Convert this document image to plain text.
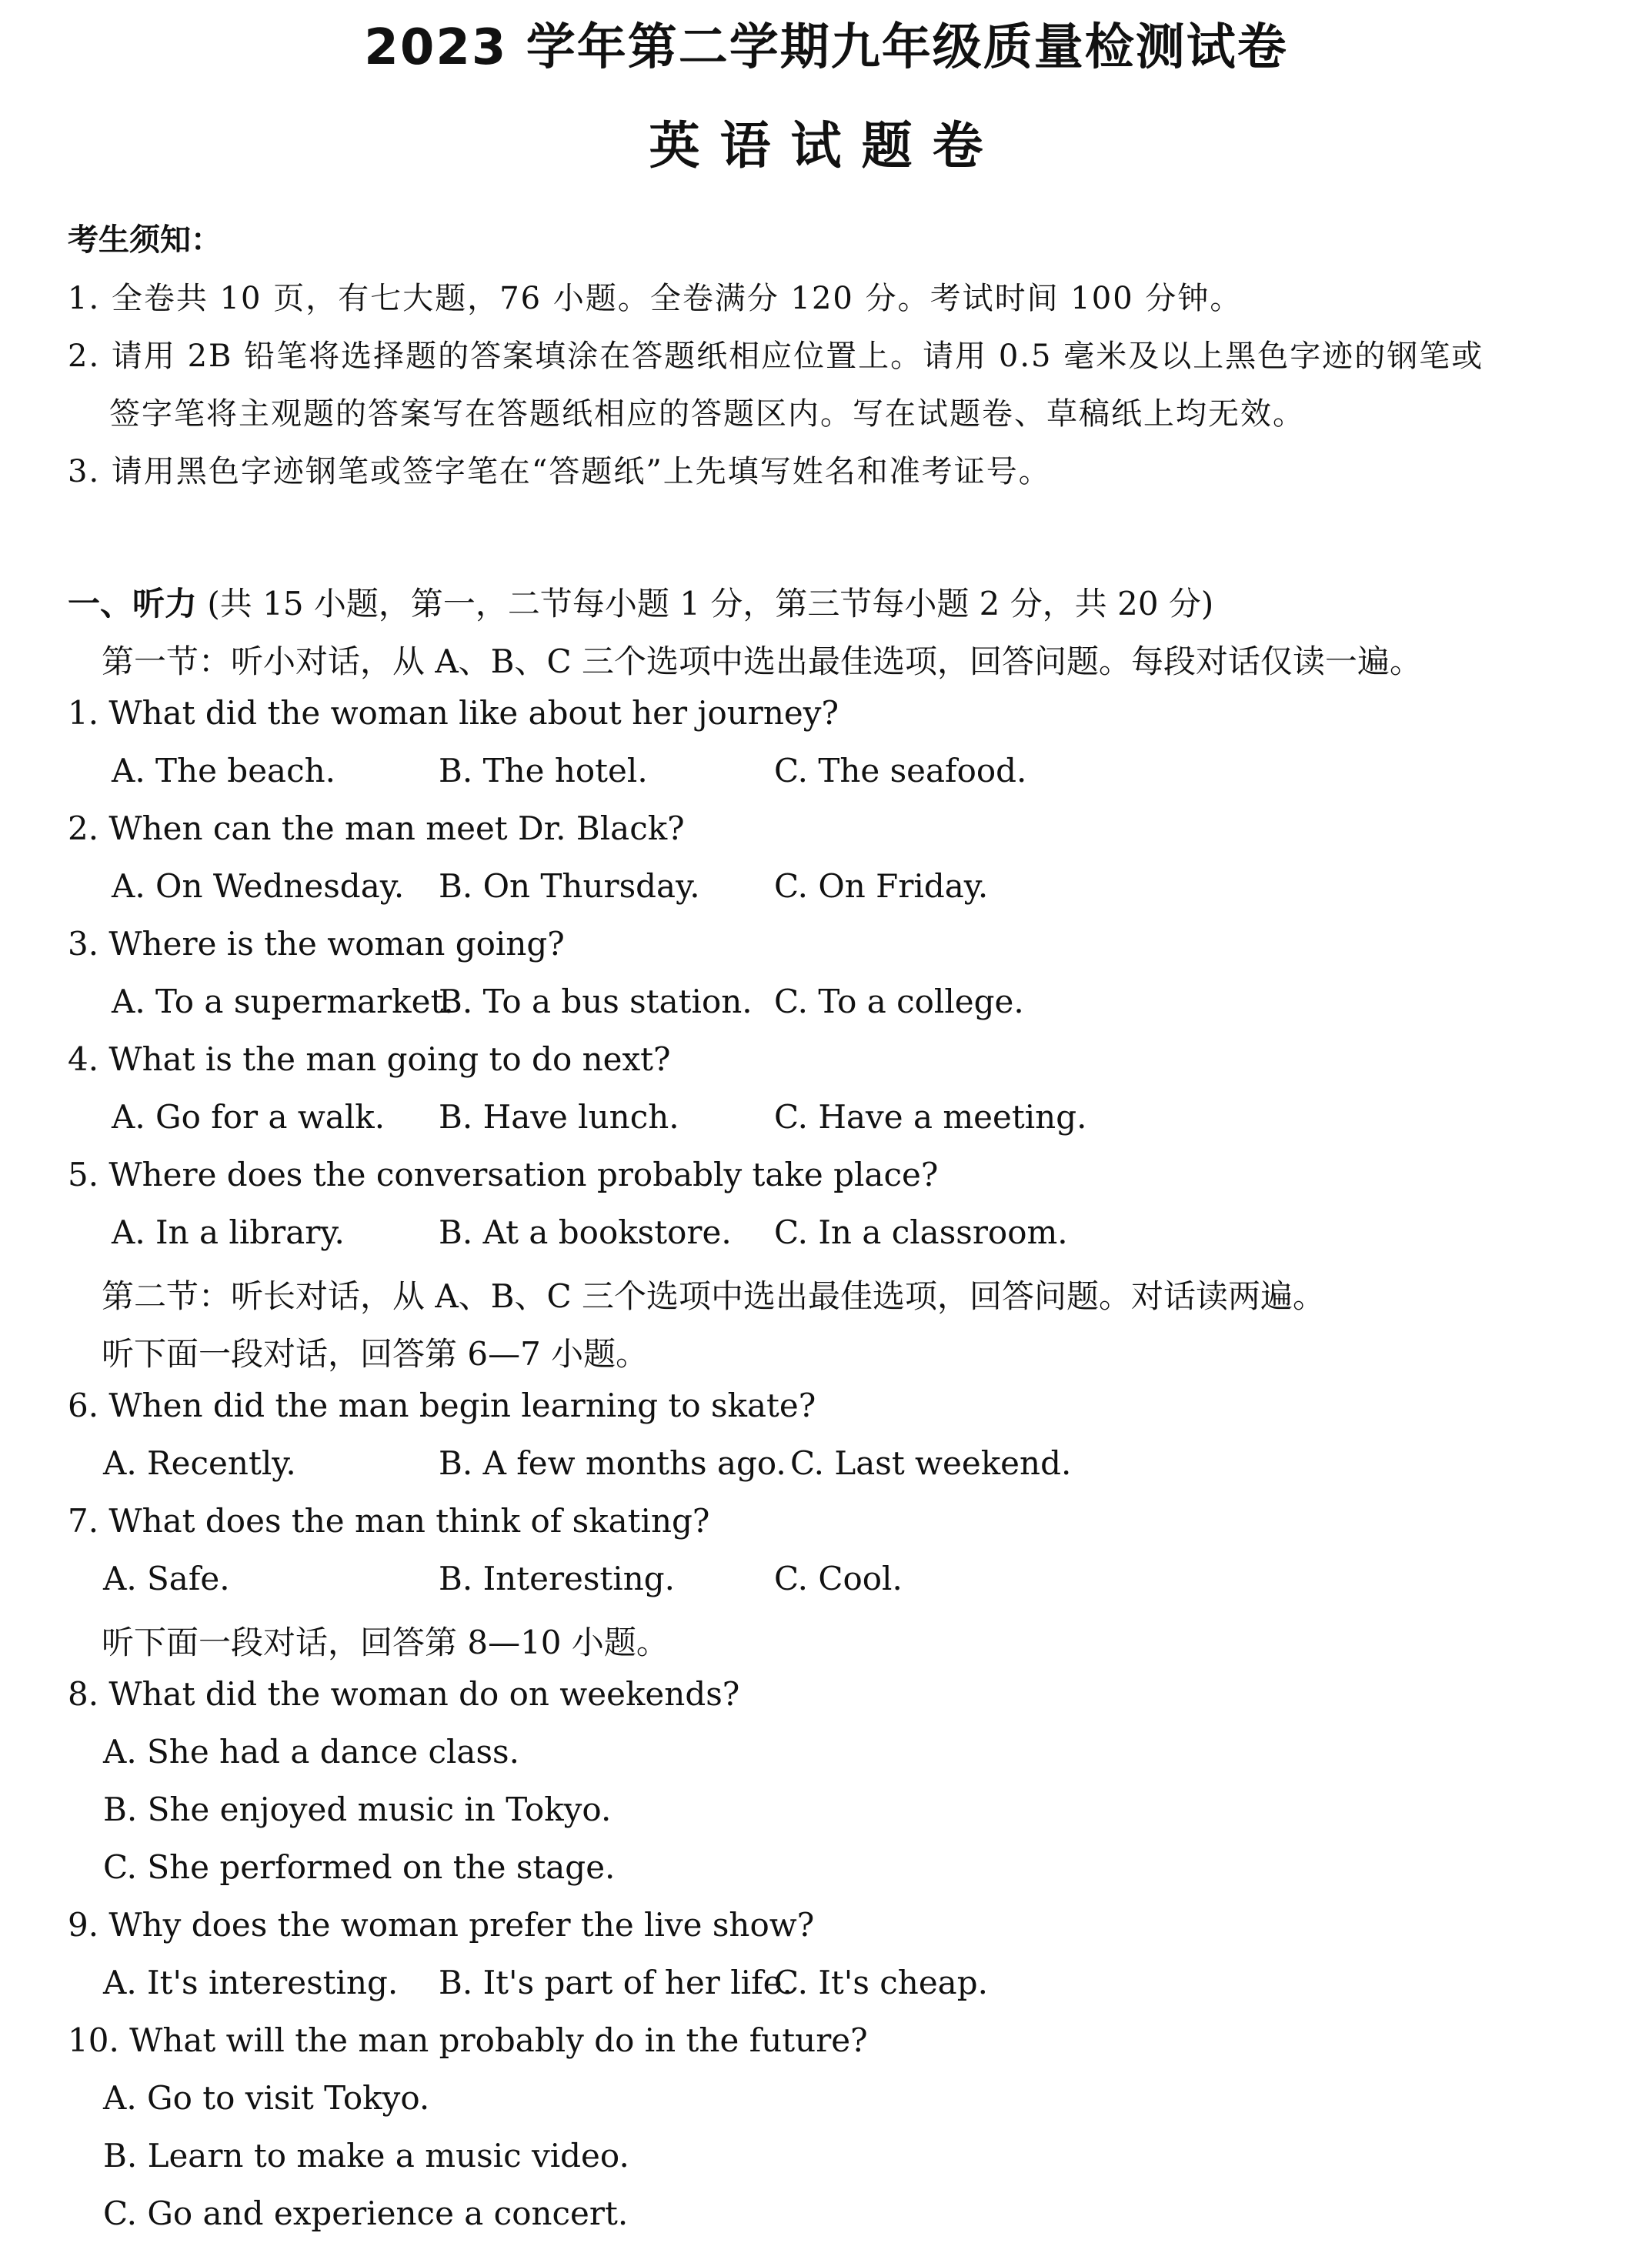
2023 学年第二学期九年级质量检测试卷
英语试题卷
考生须知：
1. 全卷共 10 页，有七大题，76 小题。全卷满分 120 分。考试时间 100 分钟。
2. 请用 2B 铅笔将选择题的答案填涂在答题纸相应位置上。请用 0.5 毫米及以上黑色字迹的钢笔或
签字笔将主观题的答案写在答题纸相应的答题区内。写在试题卷、草稿纸上均无效。
3. 请用黑色字迹钢笔或签字笔在“答题纸”上先填写姓名和准考证号。
一、听力 (共 15 小题，第一，二节每小题 1 分，第三节每小题 2 分，共 20 分)
第一节：听小对话，从 A、B、C 三个选项中选出最佳选项，回答问题。每段对话仅读一遍。
1. What did the woman like about her journey?
A. The beach.	B. The hotel.	C. The seafood.
2. When can the man meet Dr. Black?
A. On Wednesday. B. On Thursday. C. On Friday.
3. Where is the woman going?
A. To a supermarket.
B. To a bus station. C. To a college.
4. What is the man going to do next?
A. Go for a walk. B. Have lunch.	C. Have a meeting.
5. Where does the conversation probably take place?
A. In a library.	B. At a bookstore. C. In a classroom.
第二节：听长对话，从 A、B、C 三个选项中选出最佳选项，回答问题。对话读两遍。
听下面一段对话，回答第 6—7 小题。
6. When did the man begin learning to skate?
A. Recently.	B. A few months ago. C. Last weekend.
7. What does the man think of skating?
A. Safe.	B. Interesting.	C. Cool.
听下面一段对话，回答第 8—10 小题。
8. What did the woman do on weekends?
A. She had a dance class.
B. She enjoyed music in Tokyo.
C. She performed on the stage.
9. Why does the woman prefer the live show?
A. It's interesting. B. It's part of her life.
C. It's cheap.
10. What will the man probably do in the future?
A. Go to visit Tokyo.
B. Learn to make a music video.
C. Go and experience a concert.
